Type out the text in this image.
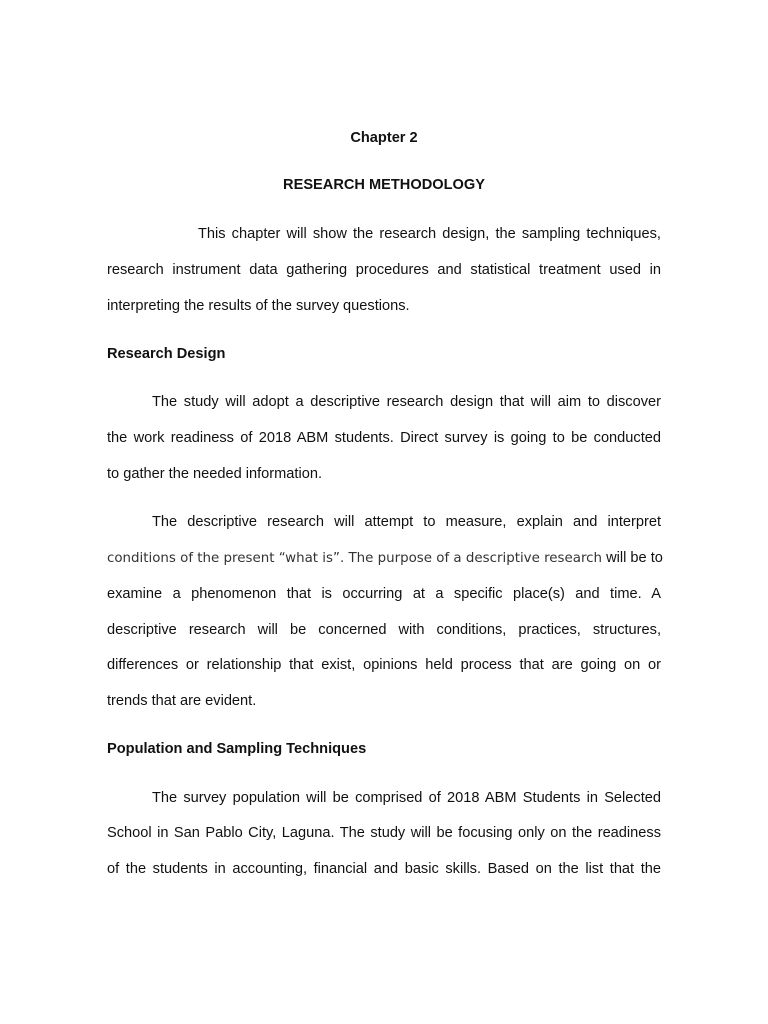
Chapter 2
RESEARCH METHODOLOGY
This chapter will show the research design, the sampling techniques,
research instrument data gathering procedures and statistical treatment used in
interpreting the results of the survey questions.
Research Design
The study will adopt a descriptive research design that will aim to discover
the work readiness of 2018 ABM students. Direct survey is going to be conducted
to gather the needed information.
The descriptive research will attempt to measure, explain and interpret
conditions of the present “what is”. The purpose of a descriptive research will be to
examine a phenomenon that is occurring at a specific place(s) and time. A
descriptive research will be concerned with conditions, practices, structures,
differences or relationship that exist, opinions held process that are going on or
trends that are evident.
Population and Sampling Techniques
The survey population will be comprised of 2018 ABM Students in Selected
School in San Pablo City, Laguna. The study will be focusing only on the readiness
of the students in accounting, financial and basic skills. Based on the list that the
